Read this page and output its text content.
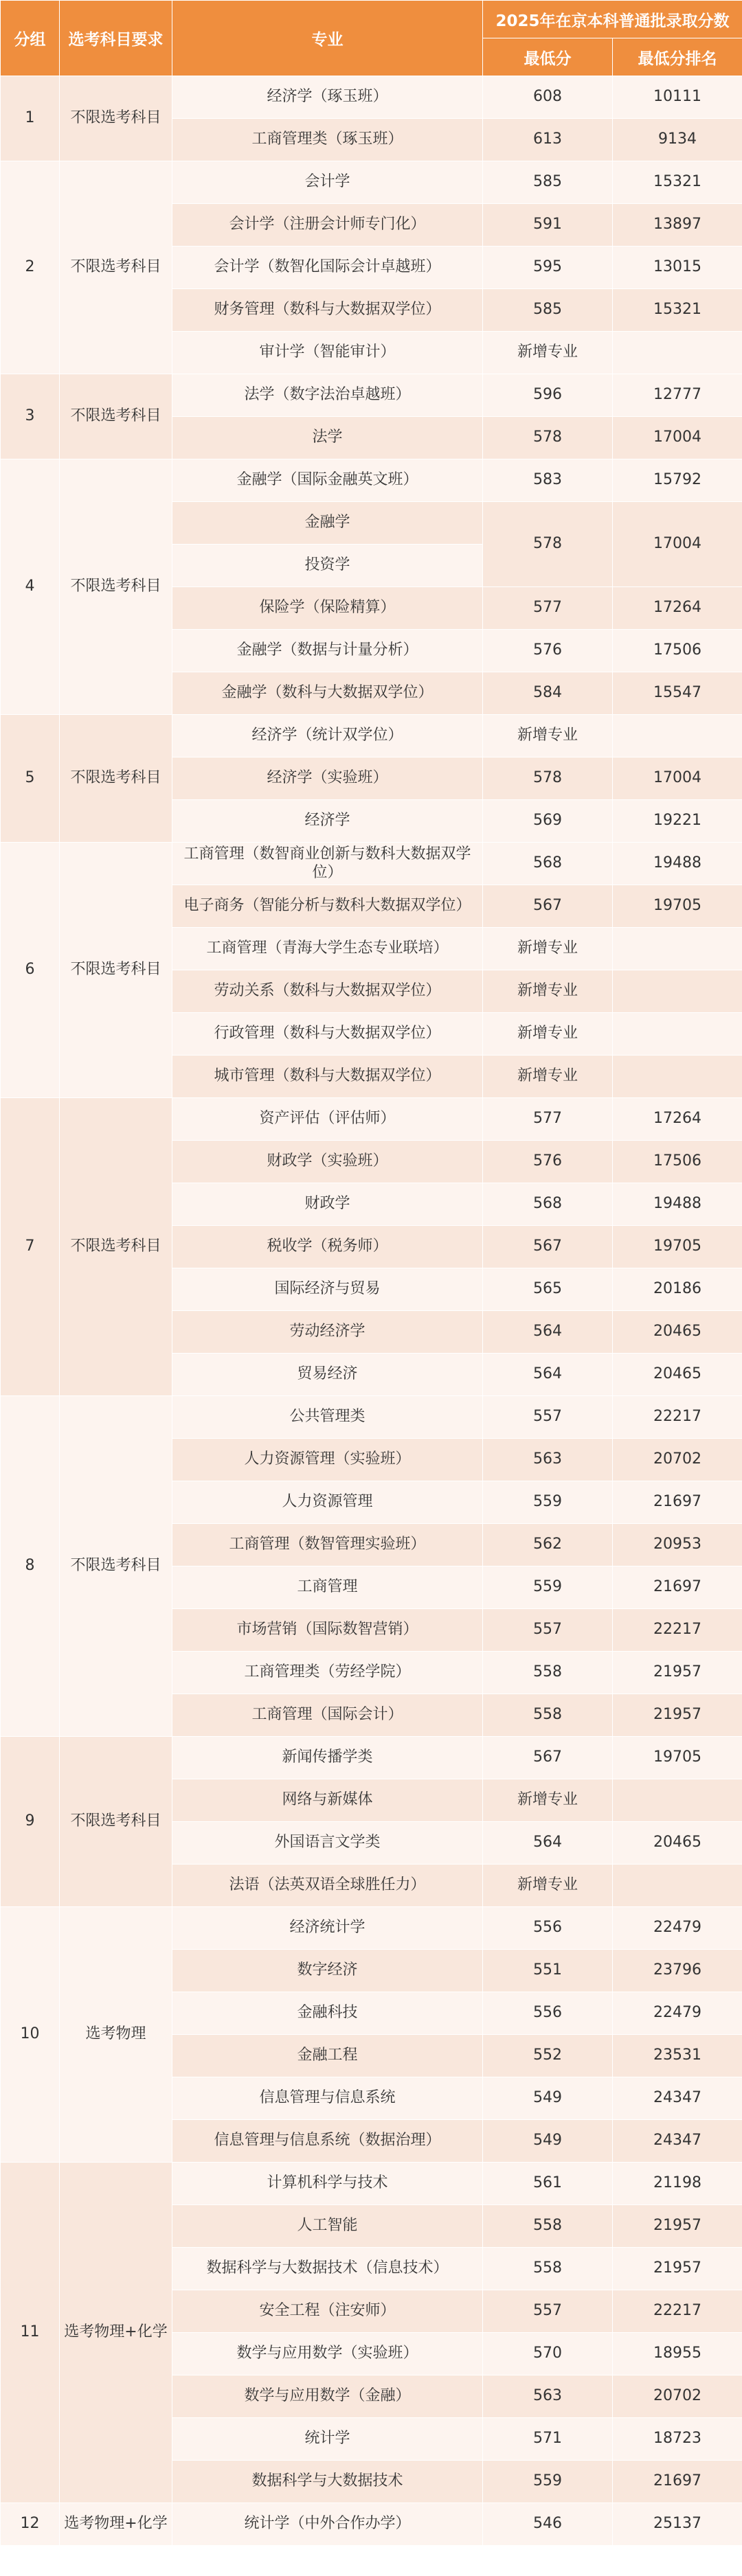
分组	选考科目要求	专业	2025年在京本科普通批录取分数	
			最低分	最低分排名
1	不限选考科目	经济学（琢玉班）	608	10111
		工商管理类（琢玉班）	613	9134
2	不限选考科目	会计学	585	15321
		会计学（注册会计师专门化）	591	13897
		会计学（数智化国际会计卓越班）	595	13015
		财务管理（数科与大数据双学位）	585	15321
		审计学（智能审计）	新增专业	
3	不限选考科目	法学（数字法治卓越班）	596	12777
		法学	578	17004
4	不限选考科目	金融学（国际金融英文班）	583	15792
		金融学	578	17004
		投资学		
		保险学（保险精算）	577	17264
		金融学（数据与计量分析）	576	17506
		金融学（数科与大数据双学位）	584	15547
5	不限选考科目	经济学（统计双学位）	新增专业	
		经济学（实验班）	578	17004
		经济学	569	19221
6	不限选考科目	工商管理（数智商业创新与数科大数据双学位）	568	19488
		电子商务（智能分析与数科大数据双学位）	567	19705
		工商管理（青海大学生态专业联培）	新增专业	
		劳动关系（数科与大数据双学位）	新增专业	
		行政管理（数科与大数据双学位）	新增专业	
		城市管理（数科与大数据双学位）	新增专业	
7	不限选考科目	资产评估（评估师）	577	17264
		财政学（实验班）	576	17506
		财政学	568	19488
		税收学（税务师）	567	19705
		国际经济与贸易	565	20186
		劳动经济学	564	20465
		贸易经济	564	20465
8	不限选考科目	公共管理类	557	22217
		人力资源管理（实验班）	563	20702
		人力资源管理	559	21697
		工商管理（数智管理实验班）	562	20953
		工商管理	559	21697
		市场营销（国际数智营销）	557	22217
		工商管理类（劳经学院）	558	21957
		工商管理（国际会计）	558	21957
9	不限选考科目	新闻传播学类	567	19705
		网络与新媒体	新增专业	
		外国语言文学类	564	20465
		法语（法英双语全球胜任力）	新增专业	
10	选考物理	经济统计学	556	22479
		数字经济	551	23796
		金融科技	556	22479
		金融工程	552	23531
		信息管理与信息系统	549	24347
		信息管理与信息系统（数据治理）	549	24347
11	选考物理+化学	计算机科学与技术	561	21198
		人工智能	558	21957
		数据科学与大数据技术（信息技术）	558	21957
		安全工程（注安师）	557	22217
		数学与应用数学（实验班）	570	18955
		数学与应用数学（金融）	563	20702
		统计学	571	18723
		数据科学与大数据技术	559	21697
12	选考物理+化学	统计学（中外合作办学）	546	25137
